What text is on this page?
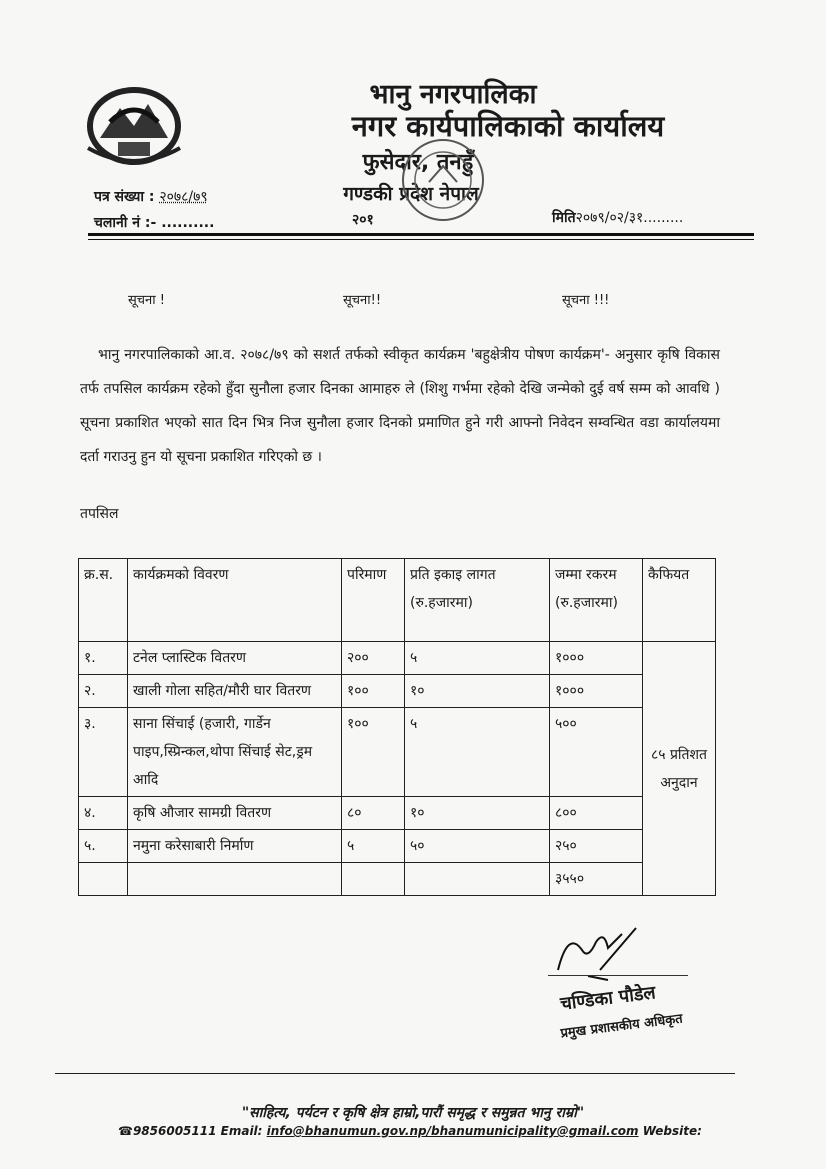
भानु नगरपालिका
नगर कार्यपालिकाको कार्यालय
फुसेदार, तनहुँ
गण्डकी प्रदेश नेपाल
पत्र संख्या : २०७८/७९
चलानी नं :- ..........	२०१	मिति२०७९/०२/३१.........
सूचना !	सूचना!!	सूचना !!!
भानु नगरपालिकाको आ.व. २०७८/७९ को सशर्त तर्फको स्वीकृत कार्यक्रम 'बहुक्षेत्रीय पोषण कार्यक्रम'- अनुसार कृषि विकास तर्फ तपसिल कार्यक्रम रहेको हुँदा सुनौला हजार दिनका आमाहरु ले (शिशु गर्भमा रहेको देखि जन्मेको दुई वर्ष सम्म को आवधि ) सूचना प्रकाशित भएको सात दिन भित्र निज सुनौला हजार दिनको प्रमाणित हुने गरी आफ्नो निवेदन सम्वन्धित वडा कार्यालयमा दर्ता गराउनु हुन यो सूचना प्रकाशित गरिएको छ ।
तपसिल
क्र.स.	कार्यक्रमको विवरण	परिमाण	प्रति इकाइ लागत (रु.हजारमा)	जम्मा रकरम (रु.हजारमा)	कैफियत
१.	टनेल प्लास्टिक वितरण	२००	५	१०००	८५ प्रतिशत अनुदान
२.	खाली गोला सहित/मौरी घार वितरण	१००	१०	१०००	
३.	साना सिंचाई (हजारी, गार्डेन पाइप,स्प्रिन्कल,थोपा सिंचाई सेट,ड्रम आदि	१००	५	५००	
४.	कृषि औजार सामग्री वितरण	८०	१०	८००	
५.	नमुना करेसाबारी निर्माण	५	५०	२५०	
				३५५०	
चण्डिका पौडेल
प्रमुख प्रशासकीय अधिकृत
"साहित्य, पर्यटन र कृषि क्षेत्र हाम्रो,पारौं समृद्ध र समुन्नत भानु राम्रो"
☎9856005111 Email: info@bhanumun.gov.np/bhanumunicipality@gmail.com Website:
